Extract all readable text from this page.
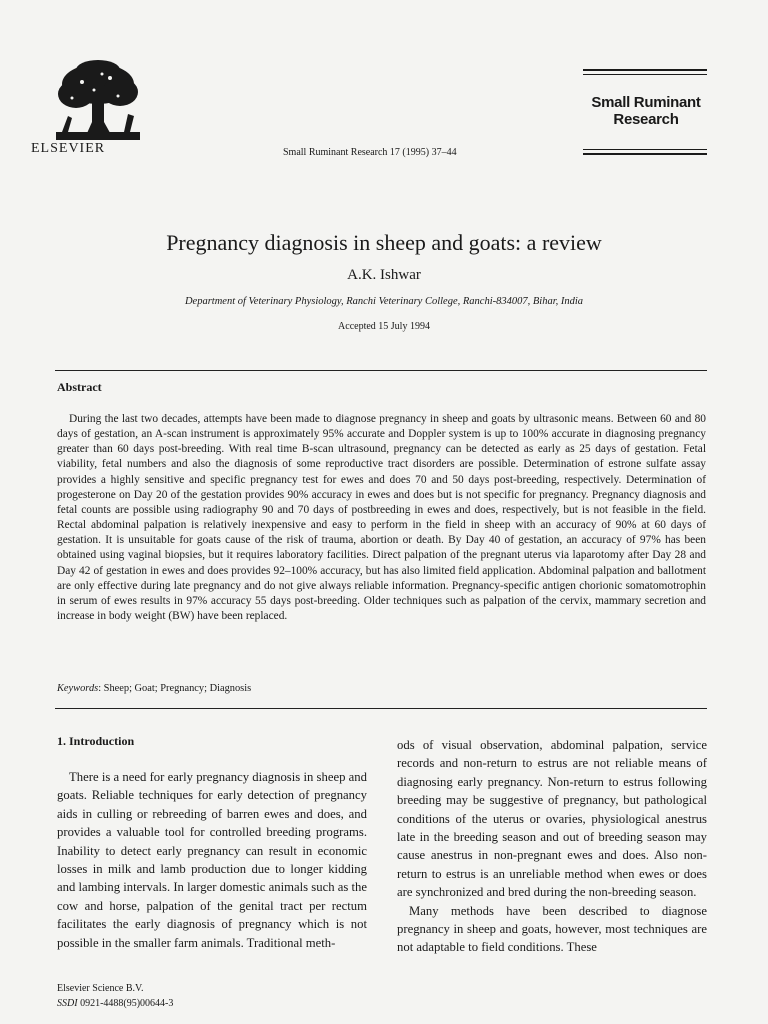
ELSEVIER	Small Ruminant Research 17 (1995) 37–44
Small Ruminant
Research
Pregnancy diagnosis in sheep and goats: a review
A.K. Ishwar
Department of Veterinary Physiology, Ranchi Veterinary College, Ranchi-834007, Bihar, India
Accepted 15 July 1994
Abstract

During the last two decades, attempts have been made to diagnose pregnancy in sheep and goats by ultrasonic means. Between 60 and 80 days of gestation, an A-scan instrument is approximately 95% accurate and Doppler system is up to 100% accurate in diagnosing pregnancy greater than 60 days post-breeding. With real time B-scan ultrasound, pregnancy can be detected as early as 25 days of gestation. Fetal viability, fetal numbers and also the diagnosis of some reproductive tract disorders are possible. Determination of estrone sulfate assay provides a highly sensitive and specific pregnancy test for ewes and does 70 and 50 days post-breeding, respectively. Determination of progesterone on Day 20 of the gestation provides 90% accuracy in ewes and does but is not specific for pregnancy. Pregnancy diagnosis and fetal counts are possible using radiography 90 and 70 days of postbreeding in ewes and does, respectively, but is not feasible in the field. Rectal abdominal palpation is relatively inexpensive and easy to perform in the field in sheep with an accuracy of 90% at 60 days of gestation. It is unsuitable for goats cause of the risk of trauma, abortion or death. By Day 40 of gestation, an accuracy of 97% has been obtained using vaginal biopsies, but it requires laboratory facilities. Direct palpation of the pregnant uterus via laparotomy after Day 28 and Day 42 of gestation in ewes and does provides 92–100% accuracy, but has also limited field application. Abdominal palpation and ballotment are only effective during late pregnancy and do not give always reliable information. Pregnancy-specific antigen chorionic somatomotrophin in serum of ewes results in 97% accuracy 55 days post-breeding. Older techniques such as palpation of the cervix, mammary secretion and increase in body weight (BW) have been replaced.

Keywords: Sheep; Goat; Pregnancy; Diagnosis
1. Introduction

There is a need for early pregnancy diagnosis in sheep and goats. Reliable techniques for early detection of pregnancy aids in culling or rebreeding of barren ewes and does, and provides a valuable tool for controlled breeding programs. Inability to detect early pregnancy can result in economic losses in milk and lamb production due to longer kidding and lambing intervals. In larger domestic animals such as the cow and horse, palpation of the genital tract per rectum facilitates the early diagnosis of pregnancy which is not possible in the smaller farm animals. Traditional meth-

ods of visual observation, abdominal palpation, service records and non-return to estrus are not reliable means of diagnosing early pregnancy. Non-return to estrus following breeding may be suggestive of pregnancy, but pathological conditions of the uterus or ovaries, physiological anestrus late in the breeding season and out of breeding season may cause anestrus in non-pregnant ewes and does. Also non-return to estrus is an unreliable method when ewes or does are synchronized and bred during the non-breeding season.

Many methods have been described to diagnose pregnancy in sheep and goats, however, most techniques are not adaptable to field conditions. These

Elsevier Science B.V.
SSDI 0921-4488(95)00644-3
